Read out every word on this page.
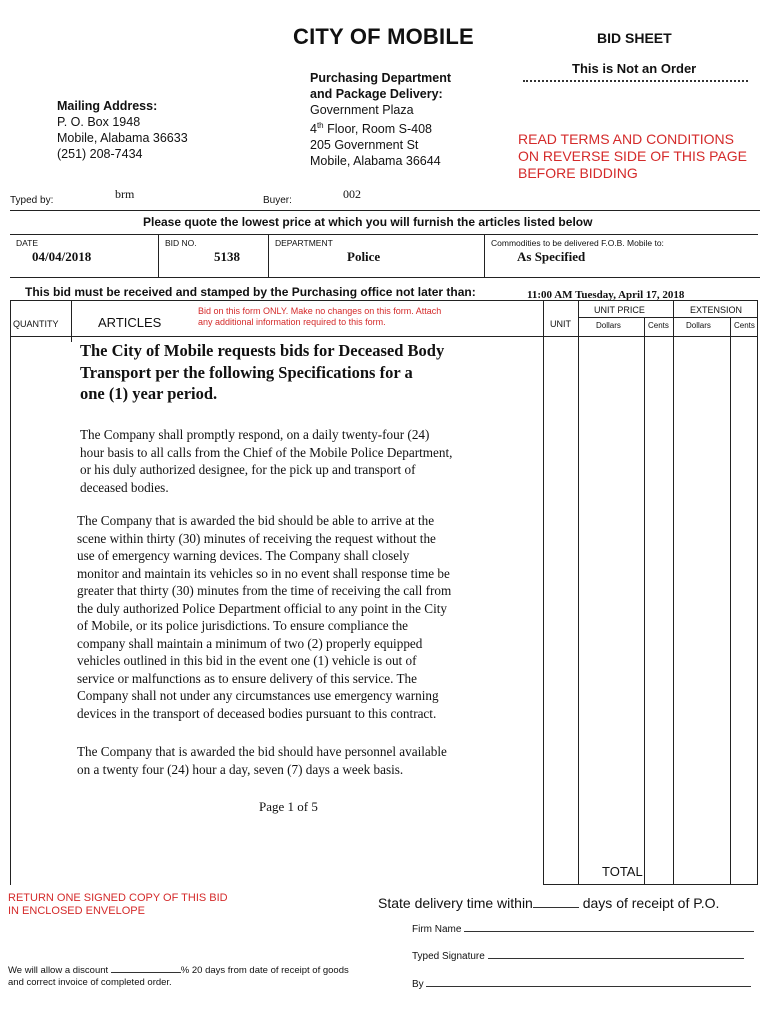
CITY OF MOBILE	BID SHEET
This is Not an Order
Mailing Address:
P. O. Box 1948
Mobile, Alabama 36633
(251) 208-7434
Purchasing Department
and Package Delivery:
Government Plaza
4th Floor, Room S-408
205 Government St
Mobile, Alabama 36644
READ TERMS AND CONDITIONS
ON REVERSE SIDE OF THIS PAGE
BEFORE BIDDING
Typed by:	brm	Buyer:	002
Please quote the lowest price at which you will furnish the articles listed below
DATE
04/04/2018
BID NO.
5138
DEPARTMENT
Police
Commodities to be delivered F.O.B. Mobile to:
As Specified
This bid must be received and stamped by the Purchasing office not later than:	11:00 AM Tuesday, April 17, 2018
QUANTITY	ARTICLES
Bid on this form ONLY. Make no changes on this form. Attach
any additional information required to this form.	UNIT
UNIT PRICE	EXTENSION
Dollars	Cents Dollars	Cents
TOTAL
The City of Mobile requests bids for Deceased Body
Transport per the following Specifications for a
one (1) year period.
The Company shall promptly respond, on a daily twenty-four (24)
hour basis to all calls from the Chief of the Mobile Police Department,
or his duly authorized designee, for the pick up and transport of
deceased bodies.
The Company that is awarded the bid should be able to arrive at the
scene within thirty (30) minutes of receiving the request without the
use of emergency warning devices. The Company shall closely
monitor and maintain its vehicles so in no event shall response time be
greater that thirty (30) minutes from the time of receiving the call from
the duly authorized Police Department official to any point in the City
of Mobile, or its police jurisdictions. To ensure compliance the
company shall maintain a minimum of two (2) properly equipped
vehicles outlined in this bid in the event one (1) vehicle is out of
service or malfunctions as to ensure delivery of this service. The
Company shall not under any circumstances use emergency warning
devices in the transport of deceased bodies pursuant to this contract.
The Company that is awarded the bid should have personnel available
on a twenty four (24) hour a day, seven (7) days a week basis.
Page 1 of 5
RETURN ONE SIGNED COPY OF THIS BID
IN ENCLOSED ENVELOPE	State delivery time within	days of receipt of P.O.
Firm Name
Typed Signature
By
We will allow a discount	% 20 days from date of receipt of goods
and correct invoice of completed order.
